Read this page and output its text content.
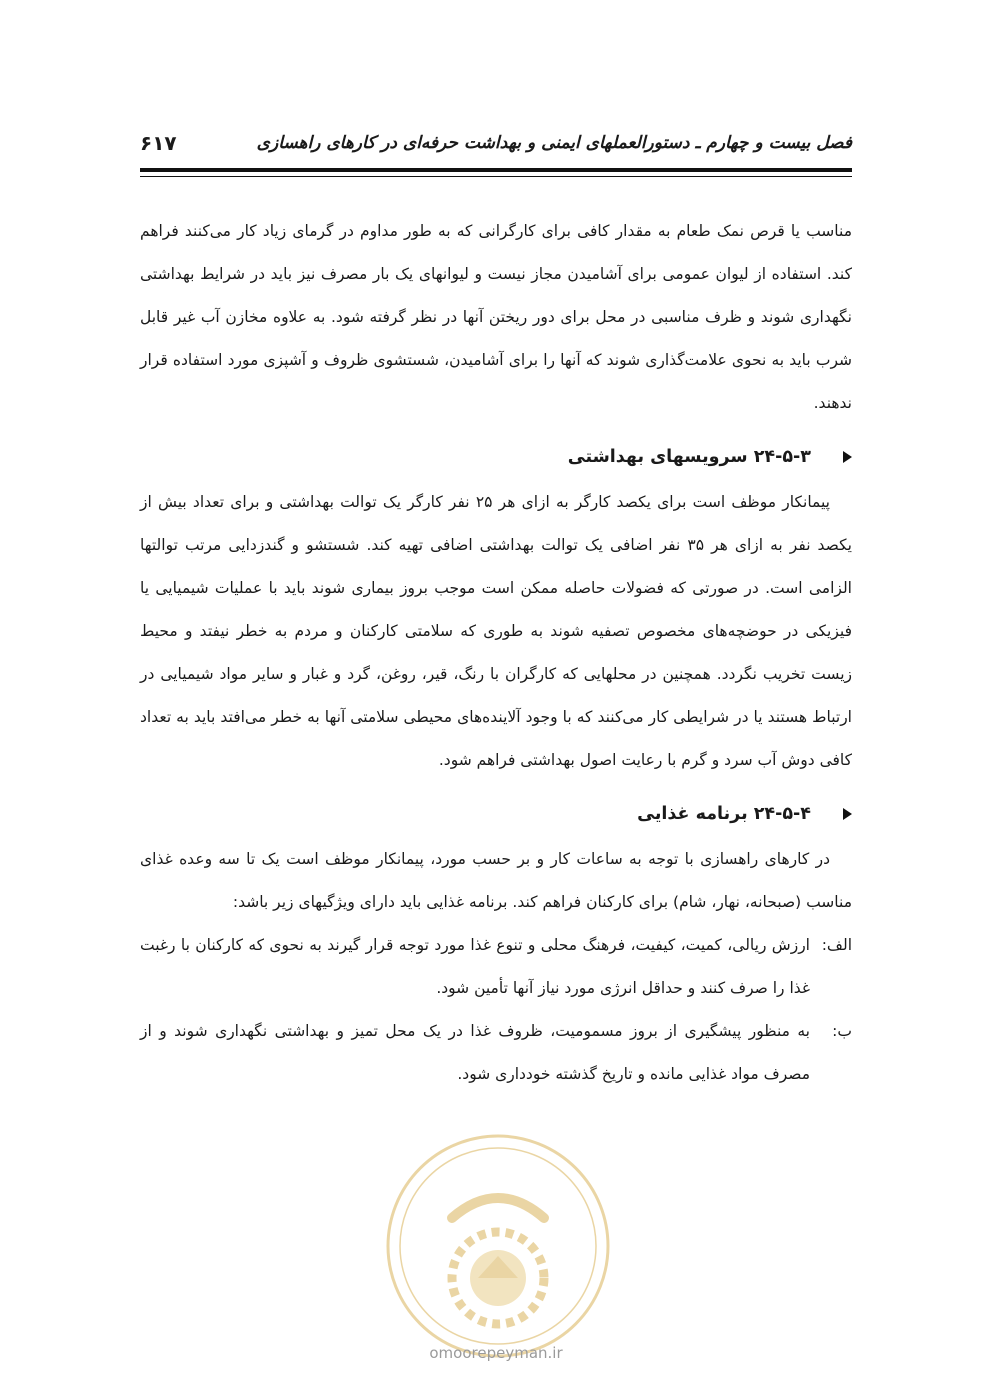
فصل بیست و چهارم ـ دستورالعملهای ایمنی و بهداشت حرفه‌ای در کارهای راهسازی
۶۱۷

مناسب یا قرص نمک طعام به مقدار کافی برای کارگرانی که به طور مداوم در گرمای زیاد کار می‌کنند فراهم کند. استفاده از لیوان عمومی برای آشامیدن مجاز نیست و لیوانهای یک بار مصرف نیز باید در شرایط بهداشتی نگهداری شوند و ظرف مناسبی در محل برای دور ریختن آنها در نظر گرفته شود. به علاوه مخازن آب غیر قابل شرب باید به نحوی علامت‌گذاری شوند که آنها را برای آشامیدن، شستشوی ظروف و آشپزی مورد استفاده قرار ندهند.

۲۴-۵-۳ سرویسهای بهداشتی

پیمانکار موظف است برای یکصد کارگر به ازای هر ۲۵ نفر کارگر یک توالت بهداشتی و برای تعداد بیش از یکصد نفر به ازای هر ۳۵ نفر اضافی یک توالت بهداشتی اضافی تهیه کند. شستشو و گندزدایی مرتب توالتها الزامی است. در صورتی که فضولات حاصله ممکن است موجب بروز بیماری شوند باید با عملیات شیمیایی یا فیزیکی در حوضچه‌های مخصوص تصفیه شوند به طوری که سلامتی کارکنان و مردم به خطر نیفتد و محیط زیست تخریب نگردد. همچنین در محلهایی که کارگران با رنگ، قیر، روغن، گرد و غبار و سایر مواد شیمیایی در ارتباط هستند یا در شرایطی کار می‌کنند که با وجود آلاینده‌های محیطی سلامتی آنها به خطر می‌افتد باید به تعداد کافی دوش آب سرد و گرم با رعایت اصول بهداشتی فراهم شود.

۲۴-۵-۴ برنامه غذایی

در کارهای راهسازی با توجه به ساعات کار و بر حسب مورد، پیمانکار موظف است یک تا سه وعده غذای مناسب (صبحانه، نهار، شام) برای کارکنان فراهم کند. برنامه غذایی باید دارای ویژگیهای زیر باشد:

الف:
ارزش ریالی، کمیت، کیفیت، فرهنگ محلی و تنوع غذا مورد توجه قرار گیرند به نحوی که کارکنان با رغبت غذا را صرف کنند و حداقل انرژی مورد نیاز آنها تأمین شود.
ب:
به منظور پیشگیری از بروز مسمومیت، ظروف غذا در یک محل تمیز و بهداشتی نگهداری شوند و از مصرف مواد غذایی مانده و تاریخ گذشته خودداری شود.
omoorepeyman.ir
